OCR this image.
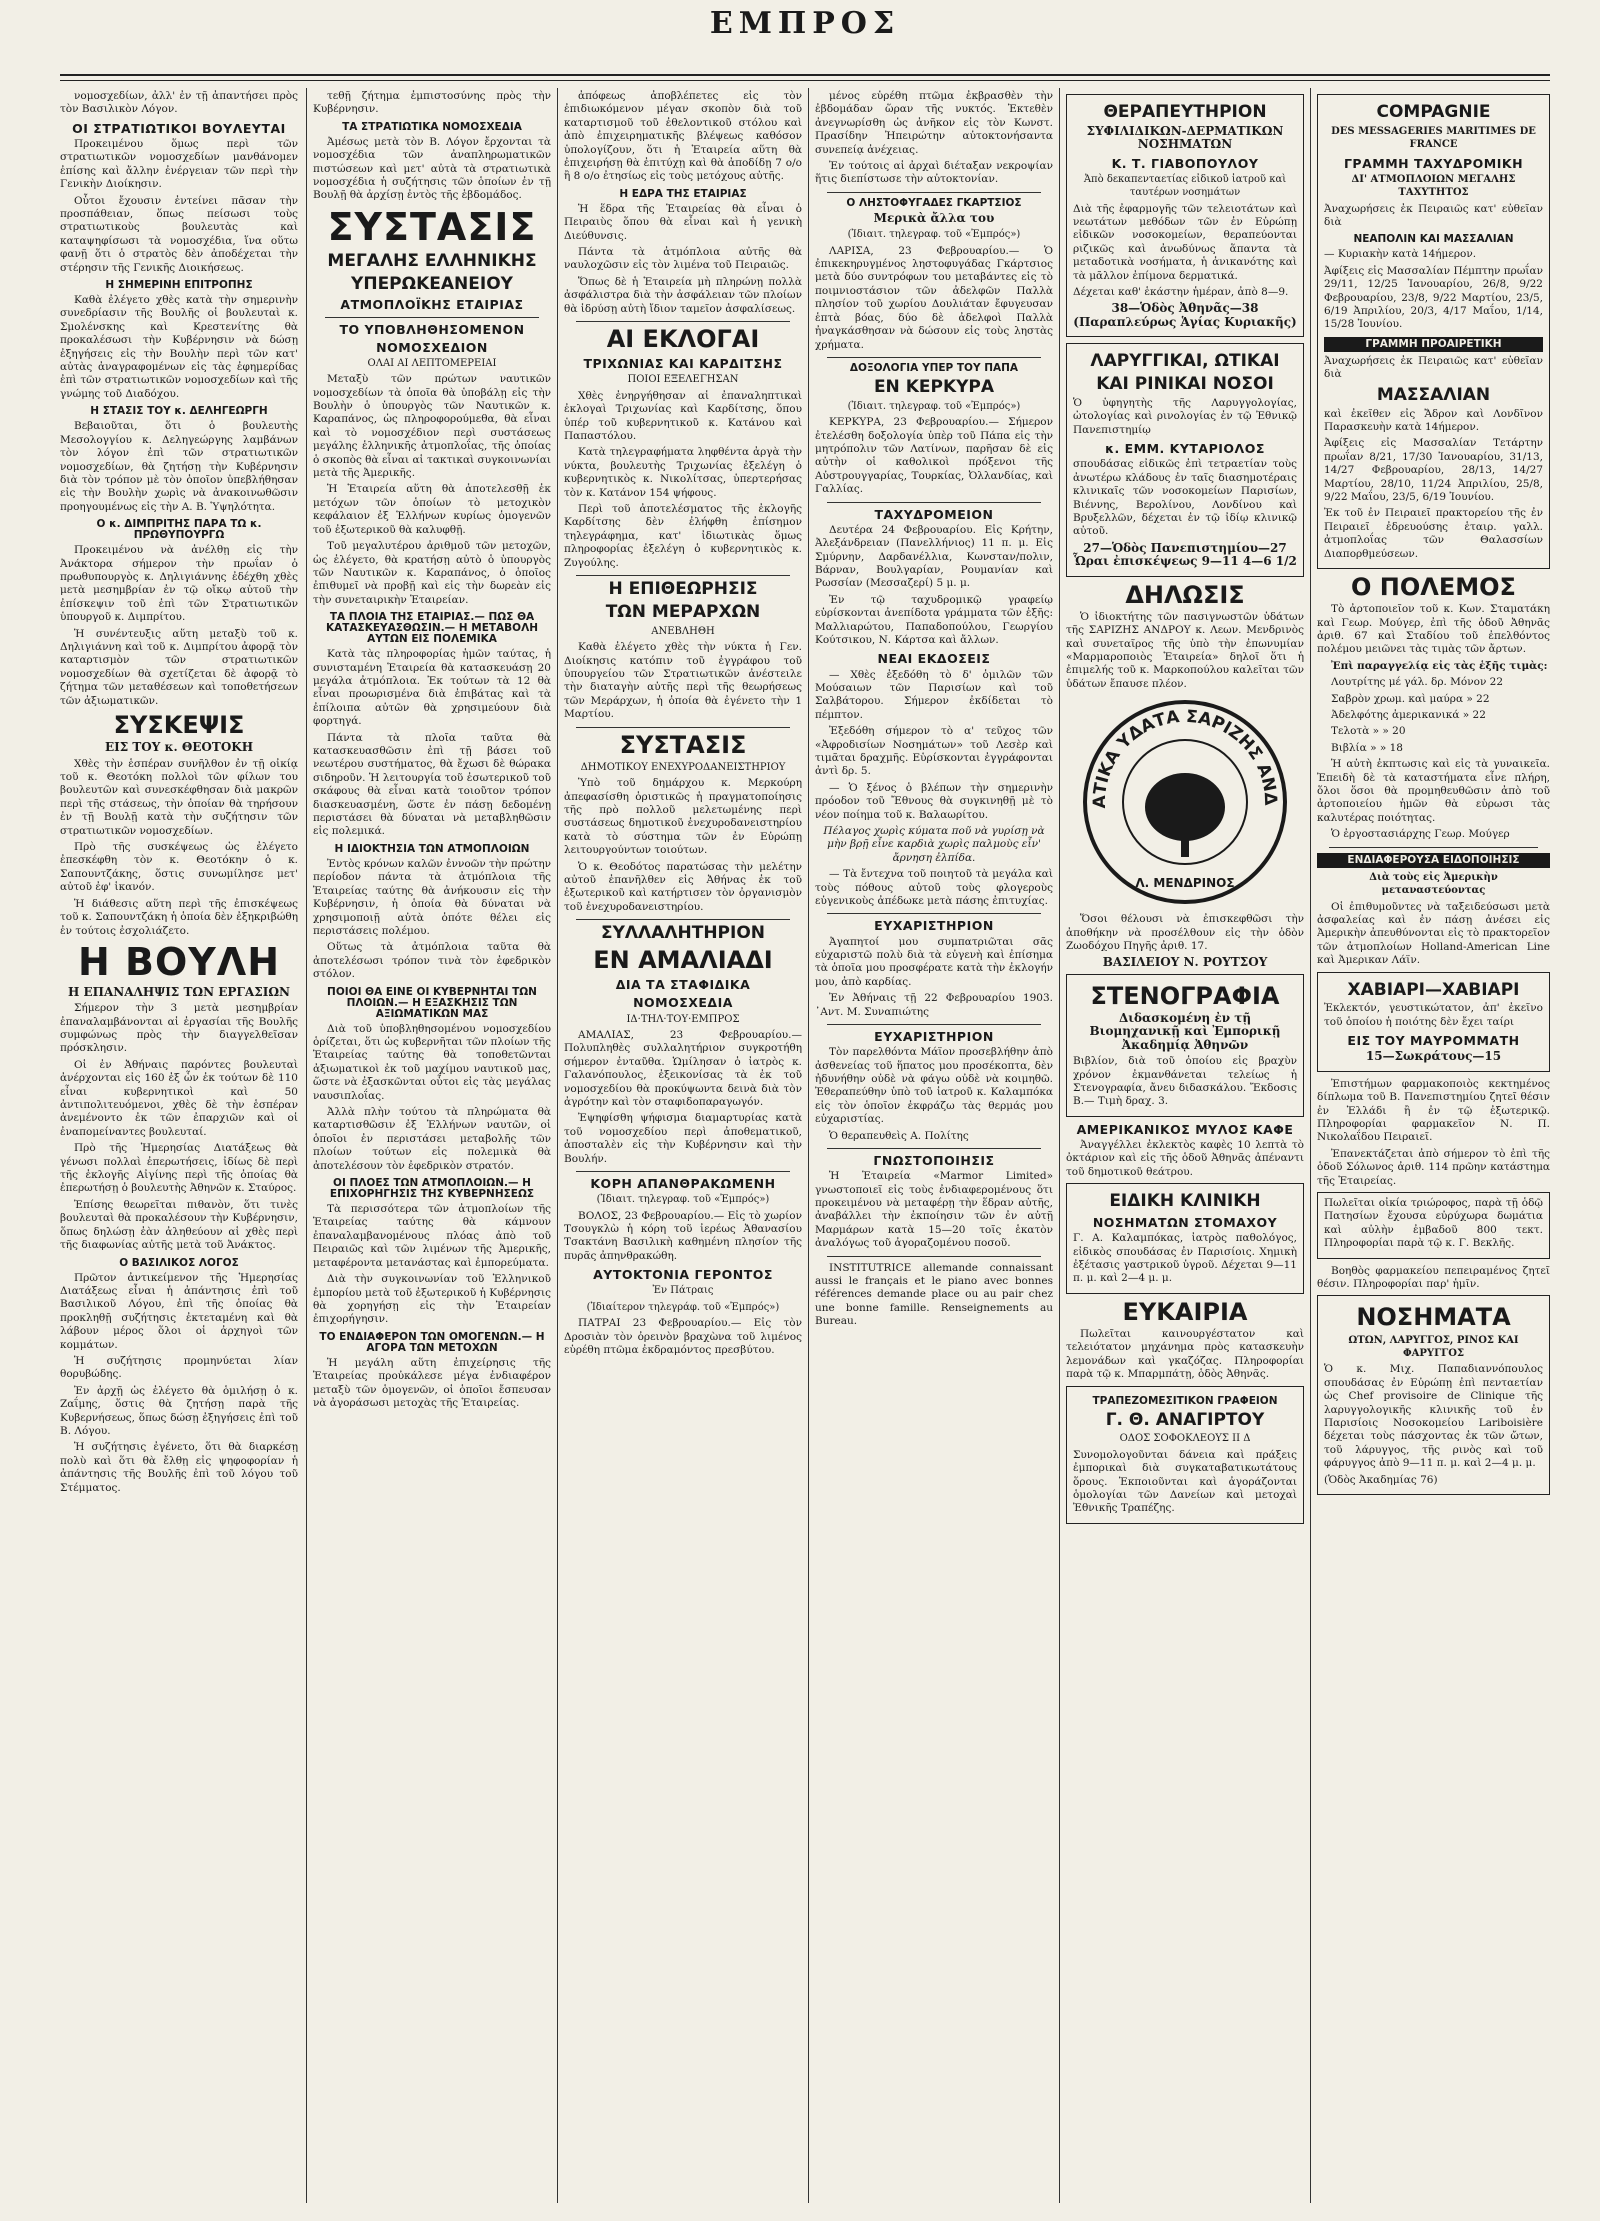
ΕΜΠΡΟΣ

νομοσχεδίων, ἀλλ' ἐν τῇ ἀπαντήσει πρὸς τὸν Βασιλικὸν Λόγον.

ΟΙ ΣΤΡΑΤΙΩΤΙΚΟΙ ΒΟΥΛΕΥΤΑΙ

Προκειμένου ὅμως περὶ τῶν στρατιωτικῶν νομοσχεδίων μανθάνομεν ἐπίσης καὶ ἄλλην ἐνέργειαν τῶν περὶ τὴν Γενικὴν Διοίκησιν.

Οὗτοι ἔχουσιν ἐντείνει πᾶσαν τὴν προσπάθειαν, ὅπως πείσωσι τοὺς στρατιωτικοὺς βουλευτὰς καὶ καταψηφίσωσι τὰ νομοσχέδια, ἵνα οὕτω φανῇ ὅτι ὁ στρατὸς δὲν ἀποδέχεται τὴν στέρησιν τῆς Γενικῆς Διοικήσεως.

Η ΣΗΜΕΡΙΝΗ ΕΠΙΤΡΟΠΗΣ

Καθὰ ἐλέγετο χθὲς κατὰ τὴν σημερινὴν συνεδρίασιν τῆς Βουλῆς οἱ βουλευταὶ κ. Σμολένσκης καὶ Κρεστενίτης θὰ προκαλέσωσι τὴν Κυβέρνησιν νὰ δώσῃ ἐξηγήσεις εἰς τὴν Βουλὴν περὶ τῶν κατ' αὐτὰς ἀναγραφομένων εἰς τὰς ἐφημερίδας ἐπὶ τῶν στρατιωτικῶν νομοσχεδίων καὶ τῆς γνώμης τοῦ Διαδόχου.

Η ΣΤΑΣΙΣ ΤΟΥ κ. ΔΕΛΗΓΕΩΡΓΗ

Βεβαιοῦται, ὅτι ὁ βουλευτὴς Μεσολογγίου κ. Δεληγεώργης λαμβάνων τὸν λόγον ἐπὶ τῶν στρατιωτικῶν νομοσχεδίων, θὰ ζητήσῃ τὴν Κυβέρνησιν διὰ τὸν τρόπον μὲ τὸν ὁποῖον ὑπεβλήθησαν εἰς τὴν Βουλὴν χωρὶς νὰ ἀνακοινωθῶσιν προηγουμένως εἰς τὴν Α. Β. Ὑψηλότητα.

Ο κ. ΔΙΜΠΡΙΤΗΣ ΠΑΡΑ ΤΩ κ. ΠΡΩΘΥΠΟΥΡΓΩ

Προκειμένου νὰ ἀνέλθῃ εἰς τὴν Ἀνάκτορα σήμερον τὴν πρωΐαν ὁ πρωθυπουργὸς κ. Δηλιγιάννης ἐδέχθη χθὲς μετὰ μεσημβρίαν ἐν τῷ οἴκῳ αὐτοῦ τὴν ἐπίσκεψιν τοῦ ἐπὶ τῶν Στρατιωτικῶν ὑπουργοῦ κ. Διμπρίτου.

Ἡ συνέντευξις αὕτη μεταξὺ τοῦ κ. Δηλιγιάννη καὶ τοῦ κ. Διμπρίτου ἀφορᾷ τὸν καταρτισμὸν τῶν στρατιωτικῶν νομοσχεδίων θὰ σχετίζεται δὲ ἀφορᾷ τὸ ζήτημα τῶν μεταθέσεων καὶ τοποθετήσεων τῶν ἀξιωματικῶν.

ΣΥΣΚΕΨΙΣ
ΕΙΣ ΤΟΥ κ. ΘΕΟΤΟΚΗ

Χθὲς τὴν ἑσπέραν συνῆλθον ἐν τῇ οἰκίᾳ τοῦ κ. Θεοτόκη πολλοὶ τῶν φίλων του βουλευτῶν καὶ συνεσκέφθησαν διὰ μακρῶν περὶ τῆς στάσεως, τὴν ὁποίαν θὰ τηρήσουν ἐν τῇ Βουλῇ κατὰ τὴν συζήτησιν τῶν στρατιωτικῶν νομοσχεδίων.

Πρὸ τῆς συσκέψεως ὡς ἐλέγετο ἐπεσκέφθη τὸν κ. Θεοτόκην ὁ κ. Σαπουντζάκης, ὅστις συνωμίλησε μετ' αὐτοῦ ἐφ' ἱκανόν.

Ἡ διάθεσις αὕτη περὶ τῆς ἐπισκέψεως τοῦ κ. Σαπουντζάκη ἡ ὁποία δὲν ἐξηκριβώθη ἐν τούτοις ἐσχολιάζετο.

Η ΒΟΥΛΗ
Η ΕΠΑΝΑΛΗΨΙΣ ΤΩΝ ΕΡΓΑΣΙΩΝ

Σήμερον τὴν 3 μετὰ μεσημβρίαν ἐπαναλαμβάνονται αἱ ἐργασίαι τῆς Βουλῆς συμφώνως πρὸς τὴν διαγγελθεῖσαν πρόσκλησιν.

Οἱ ἐν Ἀθήναις παρόντες βουλευταὶ ἀνέρχονται εἰς 160 ἐξ ὧν ἐκ τούτων δὲ 110 εἶναι κυβερνητικοὶ καὶ 50 ἀντιπολιτευόμενοι, χθὲς δὲ τὴν ἑσπέραν ἀνεμένοντο ἐκ τῶν ἐπαρχιῶν καὶ οἱ ἐναπομείναντες βουλευταί.

Πρὸ τῆς Ἡμερησίας Διατάξεως θὰ γένωσι πολλαὶ ἐπερωτήσεις, ἰδίως δὲ περὶ τῆς ἐκλογῆς Αἰγίνης περὶ τῆς ὁποίας θὰ ἐπερωτήσῃ ὁ βουλευτὴς Ἀθηνῶν κ. Σταύρος.

Ἐπίσης θεωρεῖται πιθανὸν, ὅτι τινὲς βουλευταὶ θὰ προκαλέσουν τὴν Κυβέρνησιν, ὅπως δηλώσῃ ἐὰν ἀληθεύουν αἱ χθὲς περὶ τῆς διαφωνίας αὐτῆς μετὰ τοῦ Ἀνάκτος.

Ο ΒΑΣΙΛΙΚΟΣ ΛΟΓΟΣ

Πρῶτον ἀντικείμενον τῆς Ἡμερησίας Διατάξεως εἶναι ἡ ἀπάντησις ἐπὶ τοῦ Βασιλικοῦ Λόγου, ἐπὶ τῆς ὁποίας θὰ προκληθῇ συζήτησις ἐκτεταμένη καὶ θὰ λάβουν μέρος ὅλοι οἱ ἀρχηγοὶ τῶν κομμάτων.

Ἡ συζήτησις προμηνύεται λίαν θορυβώδης.

Ἐν ἀρχῇ ὡς ἐλέγετο θὰ ὁμιλήσῃ ὁ κ. Ζαΐμης, ὅστις θὰ ζητήσῃ παρὰ τῆς Κυβερνήσεως, ὅπως δώσῃ ἐξηγήσεις ἐπὶ τοῦ Β. Λόγου.

Ἡ συζήτησις ἐγένετο, ὅτι θὰ διαρκέσῃ πολὺ καὶ ὅτι θὰ ἔλθῃ εἰς ψηφοφορίαν ἡ ἀπάντησις τῆς Βουλῆς ἐπὶ τοῦ λόγου τοῦ Στέμματος.

τεθῇ ζήτημα ἐμπιστοσύνης πρὸς τὴν Κυβέρνησιν.

ΤΑ ΣΤΡΑΤΙΩΤΙΚΑ ΝΟΜΟΣΧΕΔΙΑ

Ἀμέσως μετὰ τὸν Β. Λόγον ἔρχονται τὰ νομοσχέδια τῶν ἀναπληρωματικῶν πιστώσεων καὶ μετ' αὐτὰ τὰ στρατιωτικὰ νομοσχέδια ἡ συζήτησις τῶν ὁποίων ἐν τῇ Βουλῇ θὰ ἀρχίσῃ ἐντὸς τῆς ἑβδομάδος.

ΣΥΣΤΑΣΙΣ
ΜΕΓΑΛΗΣ ΕΛΛΗΝΙΚΗΣ
ΥΠΕΡΩΚΕΑΝΕΙΟΥ
ΑΤΜΟΠΛΟΪΚΗΣ ΕΤΑΙΡΙΑΣ
ΤΟ ΥΠΟΒΛΗΘΗΣΟΜΕΝΟΝ
ΝΟΜΟΣΧΕΔΙΟΝ
ΟΛΑΙ ΑΙ ΛΕΠΤΟΜΕΡΕΙΑΙ

Μεταξὺ τῶν πρώτων ναυτικῶν νομοσχεδίων τὰ ὁποῖα θὰ ὑποβάλῃ εἰς τὴν Βουλὴν ὁ ὑπουργὸς τῶν Ναυτικῶν κ. Καραπάνος, ὡς πληροφορούμεθα, θὰ εἶναι καὶ τὸ νομοσχέδιον περὶ συστάσεως μεγάλης ἑλληνικῆς ἀτμοπλοΐας, τῆς ὁποίας ὁ σκοπὸς θὰ εἶναι αἱ τακτικαὶ συγκοινωνίαι μετὰ τῆς Ἀμερικῆς.

Ἡ Ἑταιρεία αὕτη θὰ ἀποτελεσθῇ ἐκ μετόχων τῶν ὁποίων τὸ μετοχικὸν κεφάλαιον ἐξ Ἑλλήνων κυρίως ὁμογενῶν τοῦ ἐξωτερικοῦ θὰ καλυφθῇ.

Τοῦ μεγαλυτέρου ἀριθμοῦ τῶν μετοχῶν, ὡς ἐλέγετο, θὰ κρατήσῃ αὐτὸ ὁ ὑπουργὸς τῶν Ναυτικῶν κ. Καραπάνος, ὁ ὁποῖος ἐπιθυμεῖ νὰ προβῇ καὶ εἰς τὴν δωρεὰν εἰς τὴν συνεταιρικὴν Ἑταιρείαν.

ΤΑ ΠΛΟΙΑ ΤΗΣ ΕΤΑΙΡΙΑΣ.— ΠΩΣ ΘΑ ΚΑΤΑΣΚΕΥΑΣΘΩΣΙΝ.— Η ΜΕΤΑΒΟΛΗ ΑΥΤΩΝ ΕΙΣ ΠΟΛΕΜΙΚΑ

Κατὰ τὰς πληροφορίας ἡμῶν ταύτας, ἡ συνισταμένη Ἑταιρεία θὰ κατασκευάσῃ 20 μεγάλα ἀτμόπλοια. Ἐκ τούτων τὰ 12 θὰ εἶναι προωρισμένα διὰ ἐπιβάτας καὶ τὰ ἐπίλοιπα αὐτῶν θὰ χρησιμεύουν διὰ φορτηγά.

Πάντα τὰ πλοῖα ταῦτα θὰ κατασκευασθῶσιν ἐπὶ τῇ βάσει τοῦ νεωτέρου συστήματος, θὰ ἔχωσι δὲ θώρακα σιδηροῦν. Ἡ λειτουργία τοῦ ἐσωτερικοῦ τοῦ σκάφους θὰ εἶναι κατὰ τοιοῦτον τρόπον διασκευασμένη, ὥστε ἐν πάσῃ δεδομένῃ περιστάσει θὰ δύναται νὰ μεταβληθῶσιν εἰς πολεμικά.

Η ΙΔΙΟΚΤΗΣΙΑ ΤΩΝ ΑΤΜΟΠΛΟΙΩΝ

Ἐντὸς κρόνων καλῶν ἐννοῶν τὴν πρώτην περίοδον πάντα τὰ ἀτμόπλοια τῆς Ἑταιρείας ταύτης θὰ ἀνήκουσιν εἰς τὴν Κυβέρνησιν, ἡ ὁποία θὰ δύναται νὰ χρησιμοποιῇ αὐτὰ ὁπότε θέλει εἰς περιστάσεις πολέμου.

Οὕτως τὰ ἀτμόπλοια ταῦτα θὰ ἀποτελέσωσι τρόπον τινὰ τὸν ἐφεδρικὸν στόλον.

ΠΟΙΟΙ ΘΑ ΕΙΝΕ ΟΙ ΚΥΒΕΡΝΗΤΑΙ ΤΩΝ ΠΛΟΙΩΝ.— Η ΕΞΑΣΚΗΣΙΣ ΤΩΝ ΑΞΙΩΜΑΤΙΚΩΝ ΜΑΣ

Διὰ τοῦ ὑποβληθησομένου νομοσχεδίου ὁρίζεται, ὅτι ὡς κυβερνῆται τῶν πλοίων τῆς Ἑταιρείας ταύτης θὰ τοποθετῶνται ἀξιωματικοὶ ἐκ τοῦ μαχίμου ναυτικοῦ μας, ὥστε νὰ ἐξασκῶνται οὗτοι εἰς τὰς μεγάλας ναυσιπλοΐας.

Ἀλλὰ πλὴν τούτου τὰ πληρώματα θὰ καταρτισθῶσιν ἐξ Ἑλλήνων ναυτῶν, οἱ ὁποῖοι ἐν περιστάσει μεταβολῆς τῶν πλοίων τούτων εἰς πολεμικὰ θὰ ἀποτελέσουν τὸν ἐφεδρικὸν στρατόν.

ΟΙ ΠΛΟΕΣ ΤΩΝ ΑΤΜΟΠΛΟΙΩΝ.— Η ΕΠΙΧΟΡΗΓΗΣΙΣ ΤΗΣ ΚΥΒΕΡΝΗΣΕΩΣ

Τὰ περισσότερα τῶν ἀτμοπλοίων τῆς Ἑταιρείας ταύτης θὰ κάμνουν ἐπαναλαμβανομένους πλόας ἀπὸ τοῦ Πειραιῶς καὶ τῶν λιμένων τῆς Ἀμερικῆς, μεταφέροντα μετανάστας καὶ ἐμπορεύματα.

Διὰ τὴν συγκοινωνίαν τοῦ Ἑλληνικοῦ ἐμπορίου μετὰ τοῦ ἐξωτερικοῦ ἡ Κυβέρνησις θὰ χορηγήσῃ εἰς τὴν Ἑταιρείαν ἐπιχορήγησιν.

ΤΟ ΕΝΔΙΑΦΕΡΟΝ ΤΩΝ ΟΜΟΓΕΝΩΝ.— Η ΑΓΟΡΑ ΤΩΝ ΜΕΤΟΧΩΝ

Ἡ μεγάλη αὕτη ἐπιχείρησις τῆς Ἑταιρείας προὐκάλεσε μέγα ἐνδιαφέρον μεταξὺ τῶν ὁμογενῶν, οἱ ὁποῖοι ἔσπευσαν νὰ ἀγοράσωσι μετοχὰς τῆς Ἑταιρείας.

ἀπόφεως ἀποβλέπετες εἰς τὸν ἐπιδιωκόμενον μέγαν σκοπὸν διὰ τοῦ καταρτισμοῦ τοῦ ἐθελοντικοῦ στόλου καὶ ἀπὸ ἐπιχειρηματικῆς βλέψεως καθόσον ὑπολογίζουν, ὅτι ἡ Ἑταιρεία αὕτη θὰ ἐπιχειρήσῃ θὰ ἐπιτύχῃ καὶ θὰ ἀποδίδῃ 7 ο/ο ἢ 8 ο/ο ἐτησίως εἰς τοὺς μετόχους αὐτῆς.

Η ΕΔΡΑ ΤΗΣ ΕΤΑΙΡΙΑΣ

Ἡ ἕδρα τῆς Ἑταιρείας θὰ εἶναι ὁ Πειραιὺς ὅπου θὰ εἶναι καὶ ἡ γενικὴ Διεύθυνσις.

Πάντα τὰ ἀτμόπλοια αὐτῆς θὰ ναυλοχῶσιν εἰς τὸν λιμένα τοῦ Πειραιῶς.

Ὅπως δὲ ἡ Ἑταιρεία μὴ πληρώνῃ πολλὰ ἀσφάλιστρα διὰ τὴν ἀσφάλειαν τῶν πλοίων θὰ ἱδρύσῃ αὐτὴ ἴδιον ταμεῖον ἀσφαλίσεως.

ΑΙ ΕΚΛΟΓΑΙ
ΤΡΙΧΩΝΙΑΣ ΚΑΙ ΚΑΡΔΙΤΣΗΣ
ΠΟΙΟΙ ΕΞΕΛΕΓΗΣΑΝ

Χθὲς ἐνηργήθησαν αἱ ἐπαναληπτικαὶ ἐκλογαὶ Τριχωνίας καὶ Καρδίτσης, ὅπου ὑπέρ τοῦ κυβερνητικοῦ κ. Κατάνου καὶ Παπαστόλου.

Κατὰ τηλεγραφήματα ληφθέντα ἀργὰ τὴν νύκτα, βουλευτὴς Τριχωνίας ἐξελέγη ὁ κυβερνητικὸς κ. Νικολίτσας, ὑπερτερήσας τὸν κ. Κατάνον 154 ψήφους.

Περὶ τοῦ ἀποτελέσματος τῆς ἐκλογῆς Καρδίτσης δὲν ἐλήφθη ἐπίσημον τηλεγράφημα, κατ' ἰδιωτικὰς ὅμως πληροφορίας ἐξελέγη ὁ κυβερνητικὸς κ. Ζυγούλης.

Η ΕΠΙΘΕΩΡΗΣΙΣ
ΤΩΝ ΜΕΡΑΡΧΩΝ
ΑΝΕΒΛΗΘΗ

Καθὰ ἐλέγετο χθὲς τὴν νύκτα ἡ Γεν. Διοίκησις κατόπιν τοῦ ἐγγράφου τοῦ ὑπουργείου τῶν Στρατιωτικῶν ἀνέστειλε τὴν διαταγὴν αὐτῆς περὶ τῆς θεωρήσεως τῶν Μεράρχων, ἡ ὁποία θὰ ἐγένετο τὴν 1 Μαρτίου.

ΣΥΣΤΑΣΙΣ
ΔΗΜΟΤΙΚΟΥ ΕΝΕΧΥΡΟΔΑΝΕΙΣΤΗΡΙΟΥ

Ὑπὸ τοῦ δημάρχου κ. Μερκούρη ἀπεφασίσθη ὁριστικῶς ἡ πραγματοποίησις τῆς πρὸ πολλοῦ μελετωμένης περὶ συστάσεως δημοτικοῦ ἐνεχυροδανειστηρίου κατὰ τὸ σύστημα τῶν ἐν Εὐρώπῃ λειτουργούντων τοιούτων.

Ὁ κ. Θεοδότος παρατώσας τὴν μελέτην αὐτοῦ ἐπανῆλθεν εἰς Ἀθήνας ἐκ τοῦ ἐξωτερικοῦ καὶ κατήρτισεν τὸν ὀργανισμὸν τοῦ ἐνεχυροδανειστηρίου.

ΣΥΛΛΑΛΗΤΗΡΙΟΝ
ΕΝ ΑΜΑΛΙΑΔΙ
ΔΙΑ ΤΑ ΣΤΑΦΙΔΙΚΑ
ΝΟΜΟΣΧΕΔΙΑ
ΙΔ·ΤΗΛ·ΤΟΥ·ΕΜΠΡΟΣ

ΑΜΑΛΙΑΣ, 23 Φεβρουαρίου.— Πολυπληθὲς συλλαλητήριον συγκροτήθη σήμερον ἐνταῦθα. Ὡμίλησαν ὁ ἰατρὸς κ. Γαλανόπουλος, ἐξεικονίσας τὰ ἐκ τοῦ νομοσχεδίου θὰ προκύψωντα δεινὰ διὰ τὸν ἀγρότην καὶ τὸν σταφιδοπαραγωγόν.

Ἐψηφίσθη ψήφισμα διαμαρτυρίας κατὰ τοῦ νομοσχεδίου περὶ ἀποθεματικοῦ, ἀποσταλὲν εἰς τὴν Κυβέρνησιν καὶ τὴν Βουλήν.

ΚΟΡΗ ΑΠΑΝΘΡΑΚΩΜΕΝΗ
(Ἰδιαιτ. τηλεγραφ. τοῦ «Ἐμπρός»)

ΒΟΛΟΣ, 23 Φεβρουαρίου.— Εἰς τὸ χωρίον Τσουγκλὼ ἡ κόρη τοῦ ἰερέως Ἀθανασίου Τσακτάνη Βασιλικὴ καθημένη πλησίον τῆς πυρᾶς ἀπηνθρακώθη.

ΑΥΤΟΚΤΟΝΙΑ ΓΕΡΟΝΤΟΣ
Ἐν Πάτραις
(Ἰδιαίτερον τηλεγράφ. τοῦ «Ἐμπρός»)

ΠΑΤΡΑΙ 23 Φεβρουαρίου.— Εἰς τὸν Δροσιὰν τὸν ὀρεινὸν βραχὼνα τοῦ λιμένος εὑρέθη πτῶμα ἐκδραμόντος πρεσβύτου.

μένος εὑρέθη πτῶμα ἐκβρασθὲν τὴν ἐβδομάδαν ὥραν τῆς νυκτός. Ἐκτεθὲν ἀνεγνωρίσθη ὡς ἀνῆκον εἰς τὸν Κωνστ. Πρασίδην Ἠπειρώτην αὐτοκτονήσαντα συνεπείᾳ ἀνέχειας.

Ἐν τούτοις αἱ ἀρχαὶ διέταξαν νεκροψίαν ἥτις διεπίστωσε τὴν αὐτοκτονίαν.

Ο ΛΗΣΤΟΦΥΓΑΔΕΣ ΓΚΑΡΤΣΙΟΣ
Μερικὰ ἄλλα του
(Ἰδιαιτ. τηλεγραφ. τοῦ «Ἐμπρός»)

ΛΑΡΙΣΑ, 23 Φεβρουαρίου.— Ὁ ἐπικεκηρυγμένος ληστοφυγάδας Γκάρτσιος μετὰ δύο συντρόφων του μεταβάντες εἰς τὸ ποιμνιοστάσιον τῶν ἀδελφῶν Παλλὰ πλησίον τοῦ χωρίου Δουλιάταν ἔφυγευσαν ἑπτὰ βόας, δύο δὲ ἀδελφοὶ Παλλὰ ἠναγκάσθησαν νὰ δώσουν εἰς τοὺς ληστὰς χρήματα.

ΔΟΞΟΛΟΓΙΑ ΥΠΕΡ ΤΟΥ ΠΑΠΑ
ΕΝ ΚΕΡΚΥΡΑ
(Ἰδιαιτ. τηλεγραφ. τοῦ «Ἐμπρός»)

ΚΕΡΚΥΡΑ, 23 Φεβρουαρίου.— Σήμερον ἐτελέσθη δοξολογία ὑπὲρ τοῦ Πάπα εἰς τὴν μητρόπολιν τῶν Λατίνων, παρῆσαν δὲ εἰς αὐτὴν οἱ καθολικοὶ πρόξενοι τῆς Αὐστρουγγαρίας, Τουρκίας, Ὀλλανδίας, καὶ Γαλλίας.

ΤΑΧΥΔΡΟΜΕΙΟΝ

Δευτέρα 24 Φεβρουαρίου. Εἰς Κρήτην, Ἀλεξάνδρειαν (Πανελλήνιος) 11 π. μ. Εἰς Σμύρνην, Δαρδανέλλια, Κωνσταν/πολιν, Βάρναν, Βουλγαρίαν, Ρουμανίαν καὶ Ρωσσίαν (Μεσσαζερί) 5 μ. μ.

Ἐν τῷ ταχυδρομικῷ γραφείῳ εὑρίσκονται ἀνεπίδοτα γράμματα τῶν ἑξῆς: Μαλλιαρώτου, Παπαδοπούλου, Γεωργίου Κούτσικου, Ν. Κάρτσα καὶ ἄλλων.

ΝΕΑΙ ΕΚΔΟΣΕΙΣ

— Χθὲς ἐξεδόθη τὸ δ' ὁμιλῶν τῶν Μούσαιων τῶν Παρισίων καὶ τοῦ Σαλβάτορου. Σήμερον ἐκδίδεται τὸ πέμπτον.

Ἐξεδόθη σήμερον τὸ α' τεῦχος τῶν «Ἀφροδισίων Νοσημάτων» τοῦ Λεσὲρ καὶ τιμᾶται δραχμῆς. Εὑρίσκονται ἐγγράφονται ἀντὶ δρ. 5.

— Ὁ ξένος ὁ βλέπων τὴν σημερινὴν πρόοδον τοῦ Ἔθνους θὰ συγκινηθῇ μὲ τὸ νέον ποίημα τοῦ κ. Βαλαωρίτου.

Πέλαγος χωρὶς κύματα ποῦ νὰ γυρίσῃ νὰ μὴν βρῇ εἶνε καρδιὰ χωρὶς παλμοὺς εἶν' ἄρνηση ἐλπίδα.

— Τὰ ἔντεχνα τοῦ ποιητοῦ τὰ μεγάλα καὶ τοὺς πόθους αὐτοῦ τοὺς φλογεροὺς εὐγενικοὺς ἀπέδωκε μετὰ πάσης ἐπιτυχίας.

ΕΥΧΑΡΙΣΤΗΡΙΟΝ

Ἀγαπητοί μου συμπατριῶται σᾶς εὐχαριστῶ πολὺ διὰ τὰ εὐγενὴ καὶ ἐπίσημα τὰ ὁποῖα μου προσφέρατε κατὰ τὴν ἐκλογήν μου, ἀπὸ καρδίας.

Ἐν Ἀθήναις τῇ 22 Φεβρουαρίου 1903. ᾿Αντ. Μ. Συναπιώτης

ΕΥΧΑΡΙΣΤΗΡΙΟΝ

Τὸν παρελθόντα Μάϊον προσεβλήθην ἀπὸ ἀσθενείας τοῦ ἥπατος μου προσέκοπτα, δὲν ἠδυνήθην οὐδὲ νὰ φάγω οὐδὲ νὰ κοιμηθῶ. Ἐθεραπεύθην ὑπὸ τοῦ ἰατροῦ κ. Καλαμπόκα εἰς τὸν ὁποῖον ἐκφράζω τὰς θερμάς μου εὐχαριστίας.

Ὁ θεραπευθεὶς Α. Πολίτης

ΓΝΩΣΤΟΠΟΙΗΣΙΣ

Ἡ Ἑταιρεία «Marmor Limited» γνωστοποιεῖ εἰς τοὺς ἐνδιαφερομένους ὅτι προκειμένου νὰ μεταφέρῃ τὴν ἕδραν αὐτῆς, ἀναβάλλει τὴν ἐκποίησιν τῶν ἐν αὐτῇ Μαρμάρων κατὰ 15—20 τοῖς ἑκατὸν ἀναλόγως τοῦ ἀγοραζομένου ποσοῦ.

INSTITUTRICE allemande connaissant aussi le français et le piano avec bonnes références demande place ou au pair chez une bonne famille. Renseignements au Bureau.

ΘΕΡΑΠΕΥΤΗΡΙΟΝ
ΣΥΦΙΛΙΔΙΚΩΝ-ΔΕΡΜΑΤΙΚΩΝ ΝΟΣΗΜΑΤΩΝ
Κ. Τ. ΓΙΑΒΟΠΟΥΛΟΥ
Ἀπὸ δεκαπενταετίας εἰδικοῦ ἰατροῦ καὶ ταυτέρων νοσημάτων

Διὰ τῆς ἐφαρμογῆς τῶν τελειοτάτων καὶ νεωτάτων μεθόδων τῶν ἐν Εὐρώπῃ εἰδικῶν νοσοκομείων, θεραπεύονται ριζικῶς καὶ ἀνωδύνως ἅπαντα τὰ μεταδοτικὰ νοσήματα, ἡ ἀνικανότης καὶ τὰ μᾶλλον ἐπίμονα δερματικά.

Δέχεται καθ' ἑκάστην ἡμέραν, ἀπὸ 8—9.

38—Ὁδὸς Ἀθηνᾶς—38 (Παραπλεύρως Ἁγίας Κυριακῆς)
ΛΑΡΥΓΓΙΚΑΙ, ΩΤΙΚΑΙ
ΚΑΙ ΡΙΝΙΚΑΙ ΝΟΣΟΙ

Ὁ ὑφηγητὴς τῆς Λαρυγγολογίας, ὠτολογίας καὶ ρινολογίας ἐν τῷ Ἐθνικῷ Πανεπιστημίῳ

κ. ΕΜΜ. ΚΥΤΑΡΙΟΛΟΣ

σπουδάσας εἰδικῶς ἐπὶ τετραετίαν τοὺς ἀνωτέρω κλάδους ἐν ταῖς διασημοτέραις κλινικαῖς τῶν νοσοκομείων Παρισίων, Βιέννης, Βερολίνου, Λονδίνου καὶ Βρυξελλῶν, δέχεται ἐν τῷ ἰδίῳ κλινικῷ αὐτοῦ.

27—Ὁδὸς Πανεπιστημίου—27 Ὧραι ἐπισκέψεως 9—11 4—6 1/2
ΔΗΛΩΣΙΣ

Ὁ ἰδιοκτήτης τῶν πασιγνωστῶν ὑδάτων τῆς ΣΑΡΙΖΗΣ ΑΝΔΡΟΥ κ. Λεων. Μενδρινὸς καὶ συνεταῖρος τῆς ὑπὸ τὴν ἐπωνυμίαν «Μαρμαροποιὸς Ἑταιρεία» δηλοῖ ὅτι ἡ ἐπιμελής τοῦ κ. Μαρκοπούλου καλεῖται τῶν ὑδάτων ἔπαυσε πλέον.

ΑΤΙΚΑ ΥΔΑΤΑ ΣΑΡΙΖΗΣ ΑΝΔ
Λ. ΜΕΝΔΡΙΝΟΣ

Ὅσοι θέλουσι νὰ ἐπισκεφθῶσι τὴν ἀποθήκην νὰ προσέλθουν εἰς τὴν ὁδὸν Ζωοδόχου Πηγῆς ἀριθ. 17.

ΒΑΣΙΛΕΙΟΥ Ν. ΡΟΥΤΣΟΥ
ΣΤΕΝΟΓΡΑΦΙΑ
Διδασκομένη ἐν τῇ Βιομηχανικῇ καὶ Ἐμπορικῇ Ἀκαδημίᾳ Ἀθηνῶν

Βιβλίον, διὰ τοῦ ὁποίου εἰς βραχὺν χρόνον ἐκμανθάνεται τελείως ἡ Στενογραφία, ἄνευ διδασκάλου. Ἔκδοσις Β.— Τιμὴ δραχ. 3.

ΑΜΕΡΙΚΑΝΙΚΟΣ ΜΥΛΟΣ ΚΑΦΕ

Ἀναγγέλλει ἐκλεκτὸς καφὲς 10 λεπτὰ τὸ ὀκτάριον καὶ εἰς τῆς ὁδοῦ Ἀθηνᾶς ἀπέναντι τοῦ δημοτικοῦ θεάτρου.

ΕΙΔΙΚΗ ΚΛΙΝΙΚΗ
ΝΟΣΗΜΑΤΩΝ ΣΤΟΜΑΧΟΥ

Γ. Α. Καλαμπόκας, ἰατρὸς παθολόγος, εἰδικὸς σπουδάσας ἐν Παρισίοις. Χημικὴ ἐξέτασις γαστρικοῦ ὑγροῦ. Δέχεται 9—11 π. μ. καὶ 2—4 μ. μ.

ΕΥΚΑΙΡΙΑ

Πωλεῖται καινουργέστατον καὶ τελειότατον μηχάνημα πρὸς κατασκευὴν λεμονάδων καὶ γκαζόζας. Πληροφορίαι παρὰ τῷ κ. Μπαρμπάτῃ, ὁδὸς Ἀθηνᾶς.

ΤΡΑΠΕΖΟΜΕΣΙΤΙΚΟΝ ΓΡΑΦΕΙΟΝ
Γ. Θ. ΑΝΑΓΙΡΤΟΥ
ΟΔΟΣ ΣΟΦΟΚΛΕΟΥΣ ΙΙ Δ

Συνομολογοῦνται δάνεια καὶ πράξεις ἐμπορικαὶ διὰ συγκαταβατικωτάτους ὅρους. Ἐκποιοῦνται καὶ ἀγοράζονται ὁμολογίαι τῶν Δανείων καὶ μετοχαὶ Ἐθνικῆς Τραπέζης.

COMPAGNIE
DES MESSAGERIES MARITIMES DE FRANCE
ΓΡΑΜΜΗ ΤΑΧΥΔΡΟΜΙΚΗ
ΔΙ' ΑΤΜΟΠΛΟΙΩΝ ΜΕΓΑΛΗΣ ΤΑΧΥΤΗΤΟΣ

Ἀναχωρήσεις ἐκ Πειραιῶς κατ' εὐθεῖαν διὰ

ΝΕΑΠΟΛΙΝ ΚΑΙ ΜΑΣΣΑΛΙΑΝ

— Κυριακὴν κατὰ 14ήμερον.

Ἀφίξεις εἰς Μασσαλίαν Πέμπτην πρωΐαν 29/11, 12/25 Ἰανουαρίου, 26/8, 9/22 Φεβρουαρίου, 23/8, 9/22 Μαρτίου, 23/5, 6/19 Ἀπριλίου, 20/3, 4/17 Μαΐου, 1/14, 15/28 Ἰουνίου.

ΓΡΑΜΜΗ ΠΡΟΑΙΡΕΤΙΚΗ

Ἀναχωρήσεις ἐκ Πειραιῶς κατ' εὐθεῖαν διὰ

ΜΑΣΣΑΛΙΑΝ

καὶ ἐκεῖθεν εἰς Ἄδρον καὶ Λονδῖνον Παρασκευὴν κατὰ 14ήμερον.

Ἀφίξεις εἰς Μασσαλίαν Τετάρτην πρωΐαν 8/21, 17/30 Ἰανουαρίου, 31/13, 14/27 Φεβρουαρίου, 28/13, 14/27 Μαρτίου, 28/10, 11/24 Ἀπριλίου, 25/8, 9/22 Μαΐου, 23/5, 6/19 Ἰουνίου.

Ἐκ τοῦ ἐν Πειραιεῖ πρακτορείου τῆς ἐν Πειραιεῖ ἐδρευούσης ἑταιρ. γαλλ. ἀτμοπλοΐας τῶν Θαλασσίων Διαπορθμεύσεων.

Ο ΠΟΛΕΜΟΣ

Τὸ ἀρτοποιεῖον τοῦ κ. Κων. Σταματάκη καὶ Γεωρ. Μούγερ, ἐπὶ τῆς ὁδοῦ Ἀθηνᾶς ἀριθ. 67 καὶ Σταδίου τοῦ ἐπελθόντος πολέμου μειῶνει τὰς τιμὰς τῶν ἄρτων.

Ἐπὶ παραγγελίᾳ εἰς τὰς ἑξῆς τιμὰς:

Λουτρίτης μέ γάλ. δρ. Μόνον 22

Σαβρὸν χρωμ. καὶ μαύρα » 22

Ἀδελφότης ἀμερικανικά » 22

Τελοτὰ » » 20

Βιβλία » » 18

Ἡ αὐτὴ ἐκπτωσις καὶ εἰς τὰ γυναικεῖα. Ἐπειδὴ δὲ τὰ καταστήματα εἶνε πλήρη, ὅλοι ὅσοι θὰ προμηθευθῶσιν ἀπὸ τοῦ ἀρτοποιείου ἡμῶν θὰ εὑρωσι τὰς καλυτέρας ποιότητας.

Ὁ ἐργοστασιάρχης Γεωρ. Μούγερ

ΕΝΔΙΑΦΕΡΟΥΣΑ ΕΙΔΟΠΟΙΗΣΙΣ
Διὰ τοὺς εἰς Ἀμερικὴν μεταναστεύοντας

Οἱ ἐπιθυμοῦντες νὰ ταξειδεύσωσι μετὰ ἀσφαλείας καὶ ἐν πάσῃ ἀνέσει εἰς Ἀμερικὴν ἀπευθύνονται εἰς τὸ πρακτορεῖον τῶν ἀτμοπλοίων Holland-American Line καὶ Ἀμερικαν Λάϊν.

ΧΑΒΙΑΡΙ—ΧΑΒΙΑΡΙ

Ἐκλεκτόν, γευστικώτατον, ἀπ' ἐκεῖνο τοῦ ὁποίου ἡ ποιότης δὲν ἔχει ταίρι

ΕΙΣ ΤΟΥ ΜΑΥΡΟΜΜΑΤΗ
15—Σωκράτους—15

Ἐπιστήμων φαρμακοποιὸς κεκτημένος δίπλωμα τοῦ Β. Πανεπιστημίου ζητεῖ θέσιν ἐν Ἑλλάδι ἢ ἐν τῷ ἐξωτερικῷ. Πληροφορίαι φαρμακεῖον Ν. Π. Νικολαΐδου Πειραιεῖ.

Ἐπανεκτάζεται ἀπὸ σήμερον τὸ ἐπὶ τῆς ὁδοῦ Σόλωνος ἀριθ. 114 πρῶην κατάστημα τῆς Ἑταιρείας.

Πωλεῖται οἰκία τριώροφος, παρὰ τῇ ὁδῷ Πατησίων ἔχουσα εὐρύχωρα δωμάτια καὶ αὐλὴν ἐμβαδοῦ 800 τεκτ. Πληροφορίαι παρὰ τῷ κ. Γ. Βεκλῆς.

Βοηθὸς φαρμακείου πεπειραμένος ζητεῖ θέσιν. Πληροφορίαι παρ' ἡμῖν.

ΝΟΣΗΜΑΤΑ
ΩΤΩΝ, ΛΑΡΥΓΓΟΣ, ΡΙΝΟΣ ΚΑΙ ΦΑΡΥΓΓΟΣ

Ὁ κ. Μιχ. Παπαδιαννόπουλος σπουδάσας ἐν Εὐρώπῃ ἐπὶ πενταετίαν ὡς Chef provisoire de Clinique τῆς λαρυγγολογικῆς κλινικῆς τοῦ ἐν Παρισίοις Νοσοκομείου Lariboisière δέχεται τοὺς πάσχοντας ἐκ τῶν ὤτων, τοῦ λάρυγγος, τῆς ρινὸς καὶ τοῦ φάρυγγος ἀπὸ 9—11 π. μ. καὶ 2—4 μ. μ.

(Ὁδὸς Ἀκαδημίας 76)
